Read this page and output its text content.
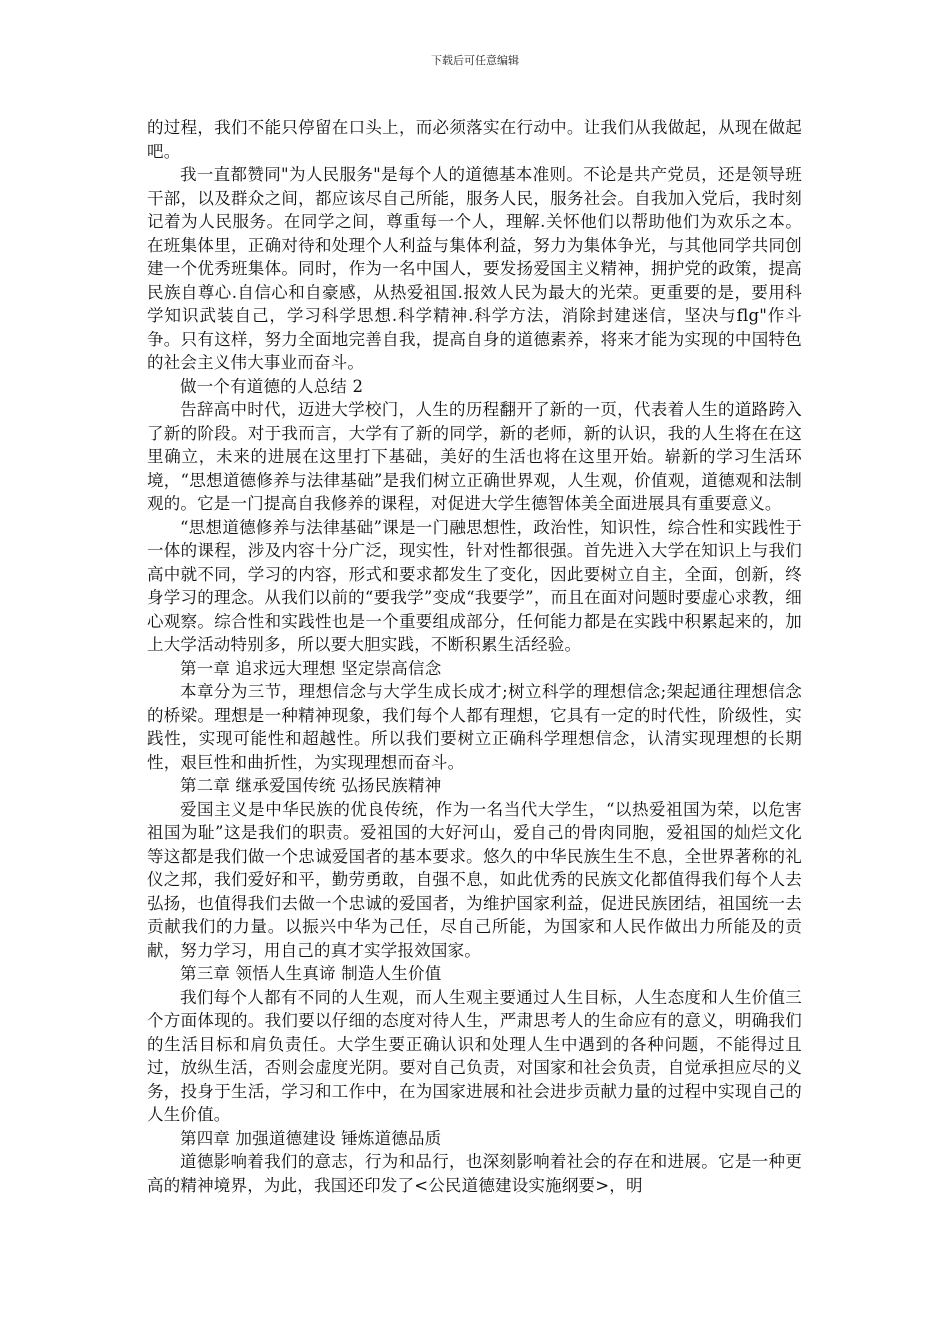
下载后可任意编辑

的过程，我们不能只停留在口头上，而必须落实在行动中。让我们从我做起，从现在做起吧。

我一直都赞同"为人民服务"是每个人的道德基本准则。不论是共产党员，还是领导班干部，以及群众之间，都应该尽自己所能，服务人民，服务社会。自我加入党后，我时刻记着为人民服务。在同学之间，尊重每一个人，理解.关怀他们以帮助他们为欢乐之本。在班集体里，正确对待和处理个人利益与集体利益，努力为集体争光，与其他同学共同创建一个优秀班集体。同时，作为一名中国人，要发扬爱国主义精神，拥护党的政策，提高民族自尊心.自信心和自豪感，从热爱祖国.报效人民为最大的光荣。更重要的是，要用科学知识武装自己，学习科学思想.科学精神.科学方法，消除封建迷信，坚决与flg"作斗争。只有这样，努力全面地完善自我，提高自身的道德素养，将来才能为实现的中国特色的社会主义伟大事业而奋斗。

做一个有道德的人总结 2

告辞高中时代，迈进大学校门，人生的历程翻开了新的一页，代表着人生的道路跨入了新的阶段。对于我而言，大学有了新的同学，新的老师，新的认识，我的人生将在在这里确立，未来的进展在这里打下基础，美好的生活也将在这里开始。崭新的学习生活环境，“思想道德修养与法律基础”是我们树立正确世界观，人生观，价值观，道德观和法制观的。它是一门提高自我修养的课程，对促进大学生德智体美全面进展具有重要意义。

“思想道德修养与法律基础”课是一门融思想性，政治性，知识性，综合性和实践性于一体的课程，涉及内容十分广泛，现实性，针对性都很强。首先进入大学在知识上与我们高中就不同，学习的内容，形式和要求都发生了变化，因此要树立自主，全面，创新，终身学习的理念。从我们以前的“要我学”变成“我要学”，而且在面对问题时要虚心求教，细心观察。综合性和实践性也是一个重要组成部分，任何能力都是在实践中积累起来的，加上大学活动特别多，所以要大胆实践，不断积累生活经验。

第一章 追求远大理想 坚定崇高信念

本章分为三节，理想信念与大学生成长成才;树立科学的理想信念;架起通往理想信念的桥梁。理想是一种精神现象，我们每个人都有理想，它具有一定的时代性，阶级性，实践性，实现可能性和超越性。所以我们要树立正确科学理想信念，认清实现理想的长期性，艰巨性和曲折性，为实现理想而奋斗。

第二章 继承爱国传统 弘扬民族精神

爱国主义是中华民族的优良传统，作为一名当代大学生，“以热爱祖国为荣，以危害祖国为耻”这是我们的职责。爱祖国的大好河山，爱自己的骨肉同胞，爱祖国的灿烂文化等这都是我们做一个忠诚爱国者的基本要求。悠久的中华民族生生不息，全世界著称的礼仪之邦，我们爱好和平，勤劳勇敢，自强不息，如此优秀的民族文化都值得我们每个人去弘扬，也值得我们去做一个忠诚的爱国者，为维护国家利益，促进民族团结，祖国统一去贡献我们的力量。以振兴中华为己任，尽自己所能，为国家和人民作做出力所能及的贡献，努力学习，用自己的真才实学报效国家。

第三章 领悟人生真谛 制造人生价值

我们每个人都有不同的人生观，而人生观主要通过人生目标，人生态度和人生价值三个方面体现的。我们要以仔细的态度对待人生，严肃思考人的生命应有的意义，明确我们的生活目标和肩负责任。大学生要正确认识和处理人生中遇到的各种问题，不能得过且过，放纵生活，否则会虚度光阴。要对自己负责，对国家和社会负责，自觉承担应尽的义务，投身于生活，学习和工作中，在为国家进展和社会进步贡献力量的过程中实现自己的人生价值。

第四章 加强道德建设 锤炼道德品质

道德影响着我们的意志，行为和品行，也深刻影响着社会的存在和进展。它是一种更高的精神境界，为此，我国还印发了<公民道德建设实施纲要>，明
